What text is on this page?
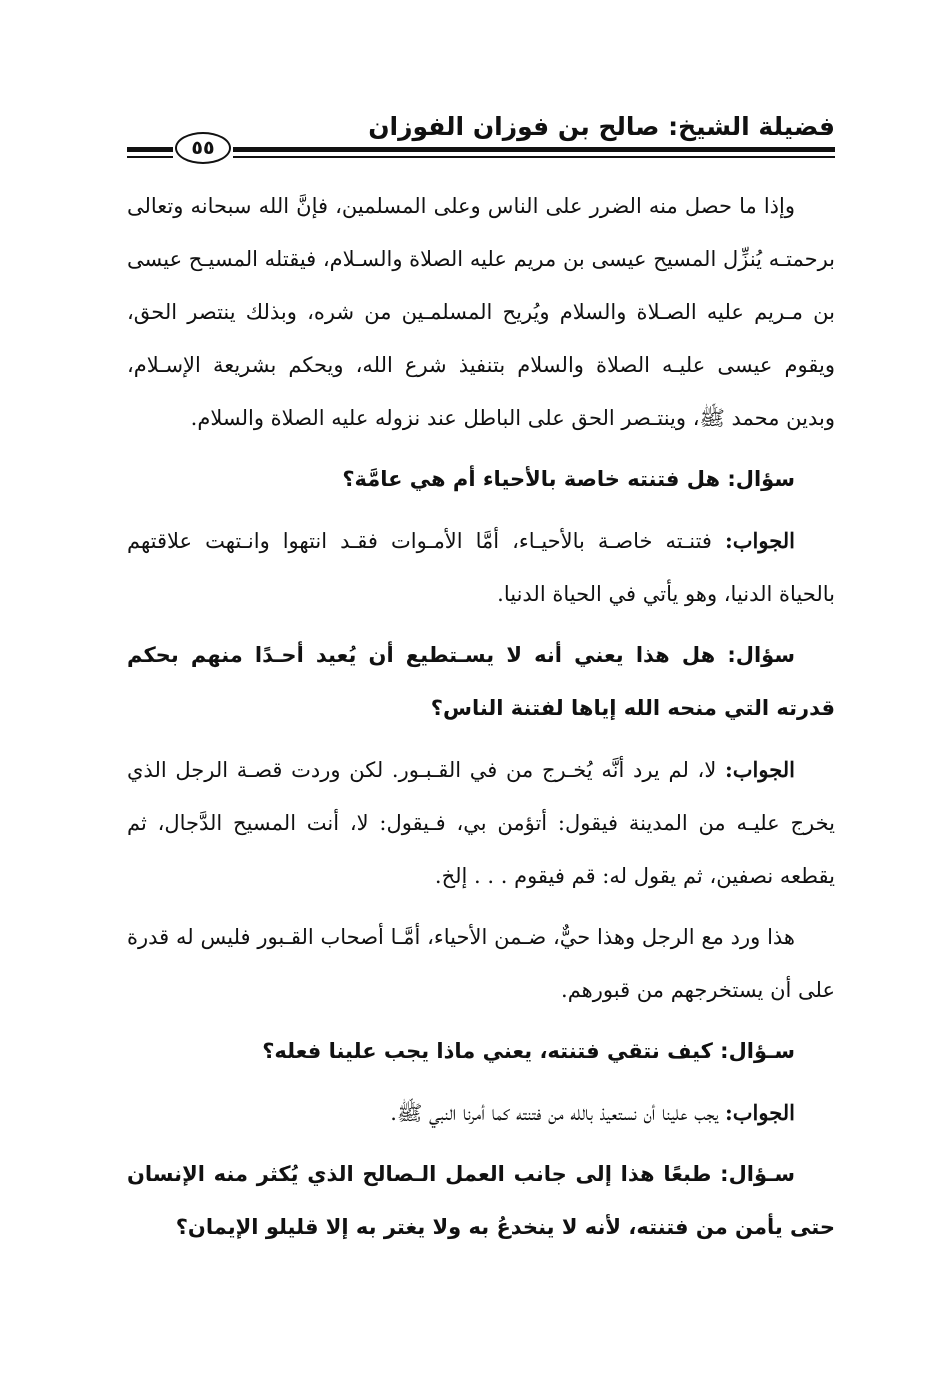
فضيلة الشيخ: صالح بن فوزان الفوزان
٥٥

وإذا ما حصل منه الضرر على الناس وعلى المسلمين، فإنَّ الله سبحانه وتعالى برحمتـه يُنزِّل المسيح عيسى بن مريم عليه الصلاة والسـلام، فيقتله المسيـح عيسى بن مـريم عليه الصـلاة والسلام ويُريح المسلمـين من شره، وبذلك ينتصر الحق، ويقوم عيسى عليـه الصلاة والسلام بتنفيذ شرع الله، ويحكم بشريعة الإسـلام، وبدين محمد ﷺ، وينتـصر الحق على الباطل عند نزوله عليه الصلاة والسلام.

سؤال: هل فتنته خاصة بالأحياء أم هي عامَّة؟

الجواب: فتنـته خاصـة بالأحيـاء، أمَّا الأمـوات فقـد انتهوا وانـتهت علاقتهم بالحياة الدنيا، وهو يأتي في الحياة الدنيا.

سؤال: هل هذا يعني أنه لا يسـتطيع أن يُعيد أحـدًا منهم بحكم قدرته التي منحه الله إياها لفتنة الناس؟

الجواب: لا، لم يرد أنَّه يُخـرج من في القـبـور. لكن وردت قصـة الرجل الذي يخرج عليـه من المدينة فيقول: أتؤمن بي، فـيقول: لا، أنت المسيح الدَّجال، ثم يقطعه نصفين، ثم يقول له: قم فيقوم . . . إلخ.

هذا ورد مع الرجل وهذا حيٌّ، ضـمن الأحياء، أمَّـا أصحاب القـبور فليس له قدرة على أن يستخرجهم من قبورهم.

سـؤال: كيف نتقي فتنته، يعني ماذا يجب علينا فعله؟

الجواب: يجب علينا أن نستعيذ بالله من فتنته كما أمرنا النبي ﷺ.

سـؤال: طبعًا هذا إلى جانب العمل الـصالح الذي يُكثر منه الإنسان حتى يأمن من فتنته، لأنه لا ينخدعُ به ولا يغتر به إلا قليلو الإيمان؟
